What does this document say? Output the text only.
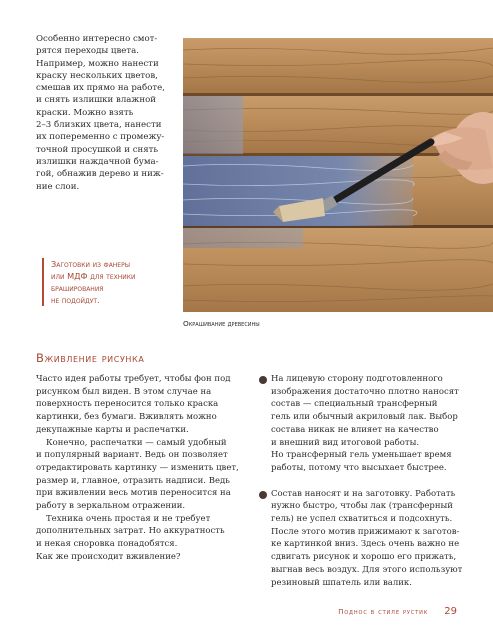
Особенно интересно смот-
рятся переходы цвета.
Например, можно нанести
краску нескольких цветов,
смешав их прямо на работе,
и снять излишки влажной
краски. Можно взять
2–3 близких цвета, нанести
их попеременно с промежу-
точной просушкой и снять
излишки наждачной бума-
гой, обнажив дерево и ниж-
ние слои.
Заготовки из фанеры
или МДФ для техники
браширования
не подойдут.
Окрашивание древесины
Вживление рисунка
Часто идея работы требует, чтобы фон под
рисунком был виден. В этом случае на
поверхность переносится только краска
картинки, без бумаги. Вживлять можно
декупажные карты и распечатки.
Конечно, распечатки — самый удобный
и популярный вариант. Ведь он позволяет
отредактировать картинку — изменить цвет,
размер и, главное, отразить надписи. Ведь
при вживлении весь мотив переносится на
работу в зеркальном отражении.
Техника очень простая и не требует
дополнительных затрат. Но аккуратность
и некая сноровка понадобятся.
Как же происходит вживление?
На лицевую сторону подготовленного
изображения достаточно плотно наносят
состав — специальный трансферный
гель или обычный акриловый лак. Выбор
состава никак не влияет на качество
и внешний вид итоговой работы.
Но трансферный гель уменьшает время
работы, потому что высыхает быстрее.
Состав наносят и на заготовку. Работать
нужно быстро, чтобы лак (трансферный
гель) не успел схватиться и подсохнуть.
После этого мотив прижимают к заготов-
ке картинкой вниз. Здесь очень важно не
сдвигать рисунок и хорошо его прижать,
выгнав весь воздух. Для этого используют
резиновый шпатель или валик.
Поднос в стиле рустик 29
